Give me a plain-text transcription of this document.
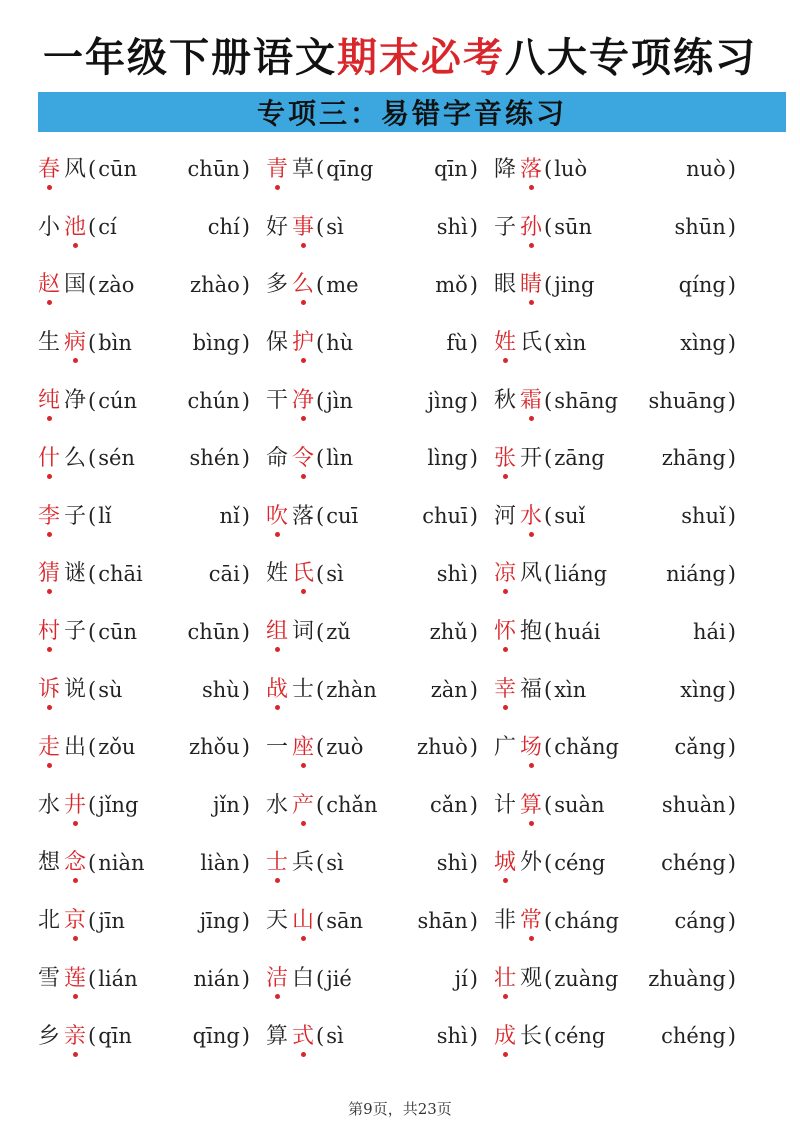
一年级下册语文期末必考八大专项练习
专项三：易错字音练习
春 风 ( cūn chūn ) 青 草 ( qīng	qīn ) 降 落 ( luò	nuò )
小 池 ( cí	chí ) 好 事 ( sì	shì ) 子 孙 ( sūn	shūn )
赵 国 ( zào	zhào ) 多 么 ( me	mǒ ) 眼 睛 ( jing	qíng )
生 病 ( bìn	bìng ) 保 护 ( hù	fù ) 姓 氏 ( xìn	xìng )
纯 净 ( cún chún ) 干 净 ( jìn	jìng ) 秋 霜 ( shāng shuāng )
什 么 ( sén	shén ) 命 令 ( lìn	lìng ) 张 开 ( zāng	zhāng )
李 子 ( lǐ	nǐ ) 吹 落 ( cuī	chuī ) 河 水 ( suǐ	shuǐ )
猜 谜 ( chāi	cāi ) 姓 氏 ( sì	shì ) 凉 风 ( liáng	niáng )
村 子 ( cūn chūn ) 组 词 ( zǔ	zhǔ ) 怀 抱 ( huái	hái )
诉 说 ( sù	shù ) 战 士 ( zhàn	zàn ) 幸 福 ( xìn	xìng )
走 出 ( zǒu	zhǒu ) 一 座 ( zuò	zhuò ) 广 场 ( chǎng	cǎng )
水 井 ( jǐng	jǐn ) 水 产 ( chǎn cǎn ) 计 算 ( suàn	shuàn )
想 念 ( niàn	liàn ) 士 兵 ( sì	shì ) 城 外 ( céng	chéng )
北 京 ( jīn	jīng ) 天 山 ( sān	shān ) 非 常 ( cháng	cáng )
雪 莲 ( lián	nián ) 洁 白 ( jié	jí ) 壮 观 ( zuàng zhuàng )
乡 亲 ( qīn	qīng ) 算 式 ( sì	shì ) 成 长 ( céng	chéng )
第9页，共23页
